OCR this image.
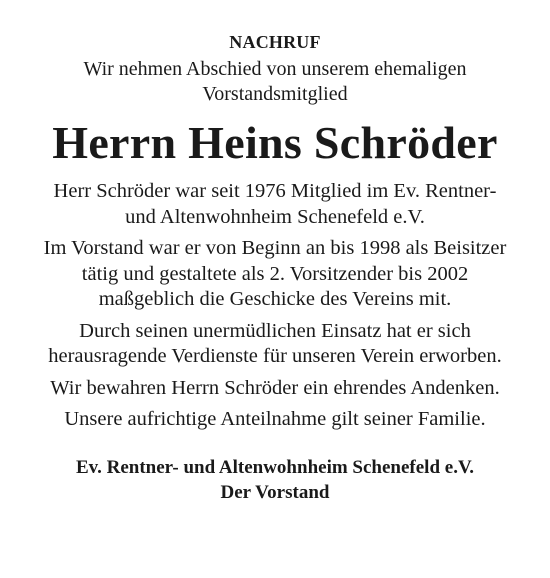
NACHRUF

Wir nehmen Abschied von unserem ehemaligen
Vorstandsmitglied

Herrn Heins Schröder

Herr Schröder war seit 1976 Mitglied im Ev. Rentner-
und Altenwohnheim Schenefeld e.V.

Im Vorstand war er von Beginn an bis 1998 als Beisitzer
tätig und gestaltete als 2. Vorsitzender bis 2002
maßgeblich die Geschicke des Vereins mit.

Durch seinen unermüdlichen Einsatz hat er sich
herausragende Verdienste für unseren Verein erworben.

Wir bewahren Herrn Schröder ein ehrendes Andenken.

Unsere aufrichtige Anteilnahme gilt seiner Familie.

Ev. Rentner- und Altenwohnheim Schenefeld e.V.

Der Vorstand
